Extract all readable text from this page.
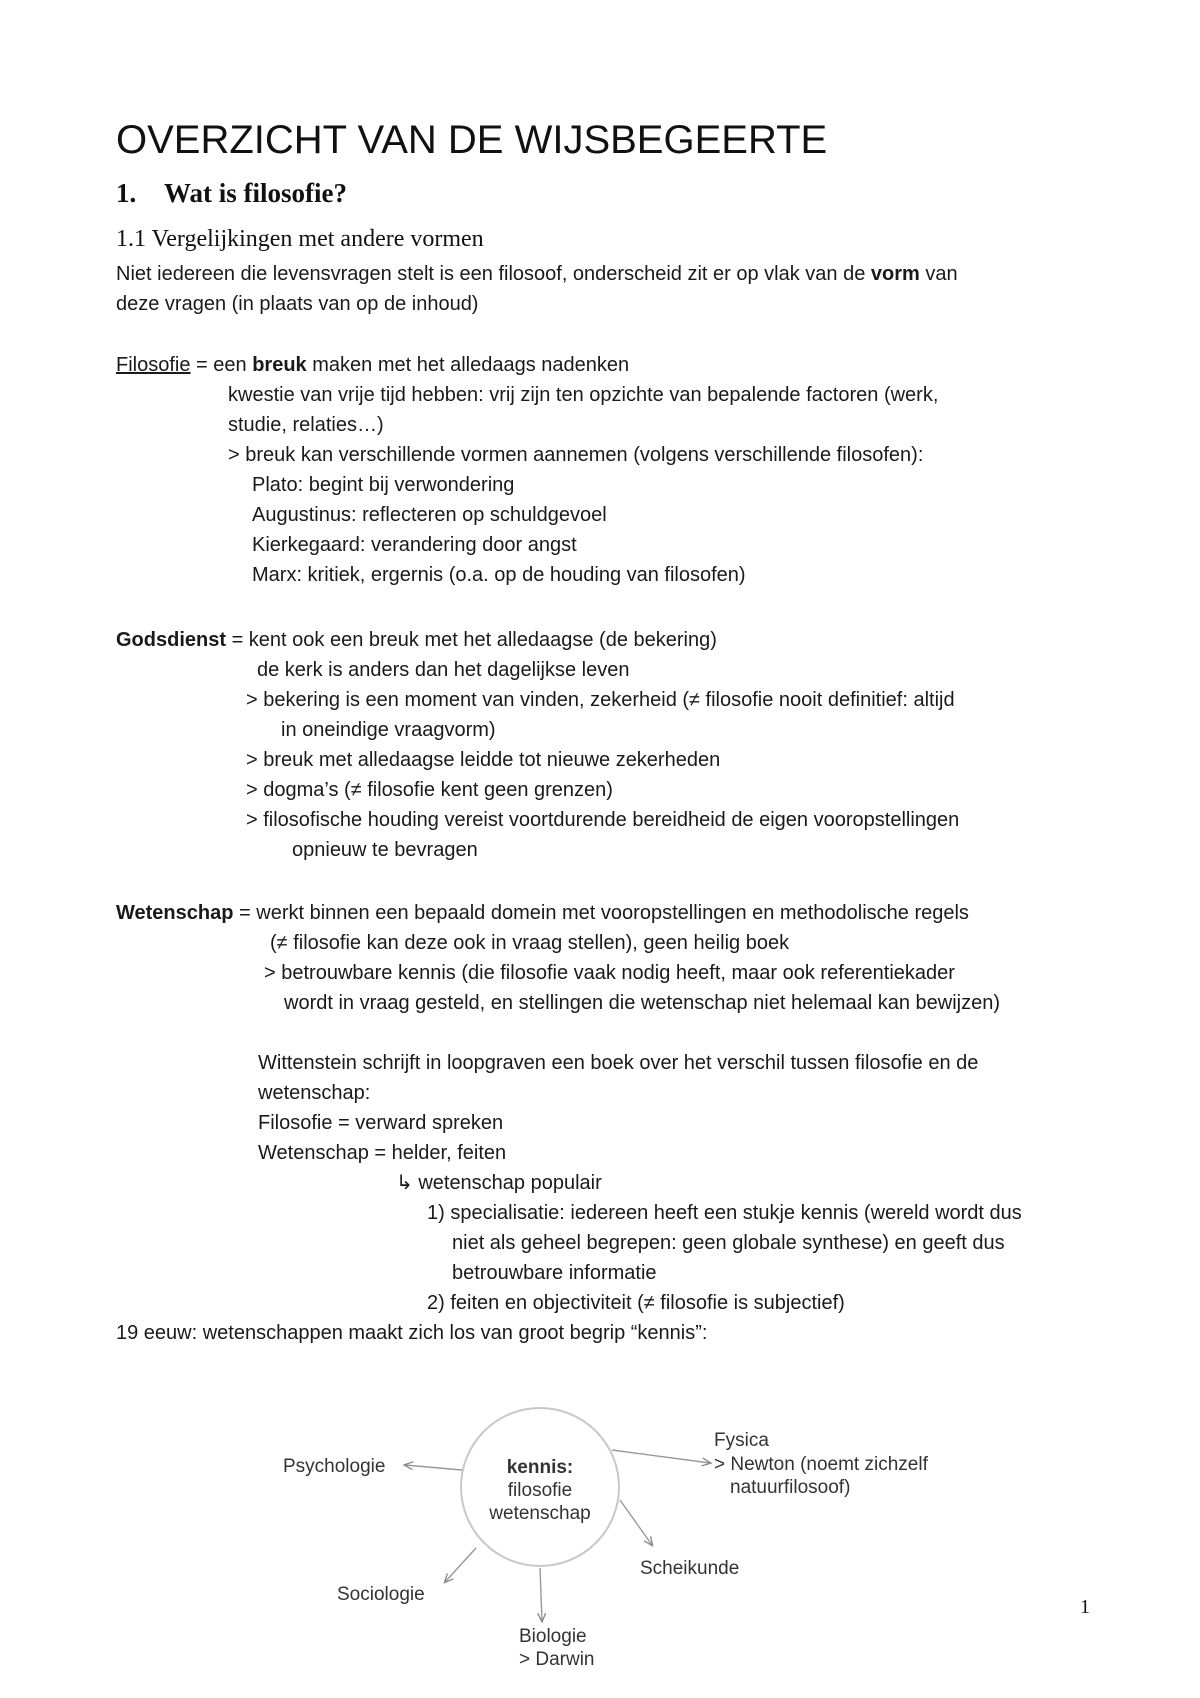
OVERZICHT VAN DE WIJSBEGEERTE
1. Wat is filosofie?
1.1 Vergelijkingen met andere vormen
Niet iedereen die levensvragen stelt is een filosoof, onderscheid zit er op vlak van de vorm van
deze vragen (in plaats van op de inhoud)
Filosofie = een breuk maken met het alledaags nadenken
kwestie van vrije tijd hebben: vrij zijn ten opzichte van bepalende factoren (werk,
studie, relaties…)
> breuk kan verschillende vormen aannemen (volgens verschillende filosofen):
Plato: begint bij verwondering
Augustinus: reflecteren op schuldgevoel
Kierkegaard: verandering door angst
Marx: kritiek, ergernis (o.a. op de houding van filosofen)
Godsdienst = kent ook een breuk met het alledaagse (de bekering)
de kerk is anders dan het dagelijkse leven
> bekering is een moment van vinden, zekerheid (≠ filosofie nooit definitief: altijd
in oneindige vraagvorm)
> breuk met alledaagse leidde tot nieuwe zekerheden
> dogma’s (≠ filosofie kent geen grenzen)
> filosofische houding vereist voortdurende bereidheid de eigen vooropstellingen
opnieuw te bevragen
Wetenschap = werkt binnen een bepaald domein met vooropstellingen en methodolische regels
(≠ filosofie kan deze ook in vraag stellen), geen heilig boek
> betrouwbare kennis (die filosofie vaak nodig heeft, maar ook referentiekader
wordt in vraag gesteld, en stellingen die wetenschap niet helemaal kan bewijzen)
Wittenstein schrijft in loopgraven een boek over het verschil tussen filosofie en de
wetenschap:
Filosofie = verward spreken
Wetenschap = helder, feiten
↳ wetenschap populair
1) specialisatie: iedereen heeft een stukje kennis (wereld wordt dus
niet als geheel begrepen: geen globale synthese) en geeft dus
betrouwbare informatie
2) feiten en objectiviteit (≠ filosofie is subjectief)
19 eeuw: wetenschappen maakt zich los van groot begrip “kennis”:
kennis:
filosofie
wetenschap
Psychologie
Fysica
> Newton (noemt zichzelf
natuurfilosoof)
Scheikunde
Sociologie
Biologie
> Darwin
1
